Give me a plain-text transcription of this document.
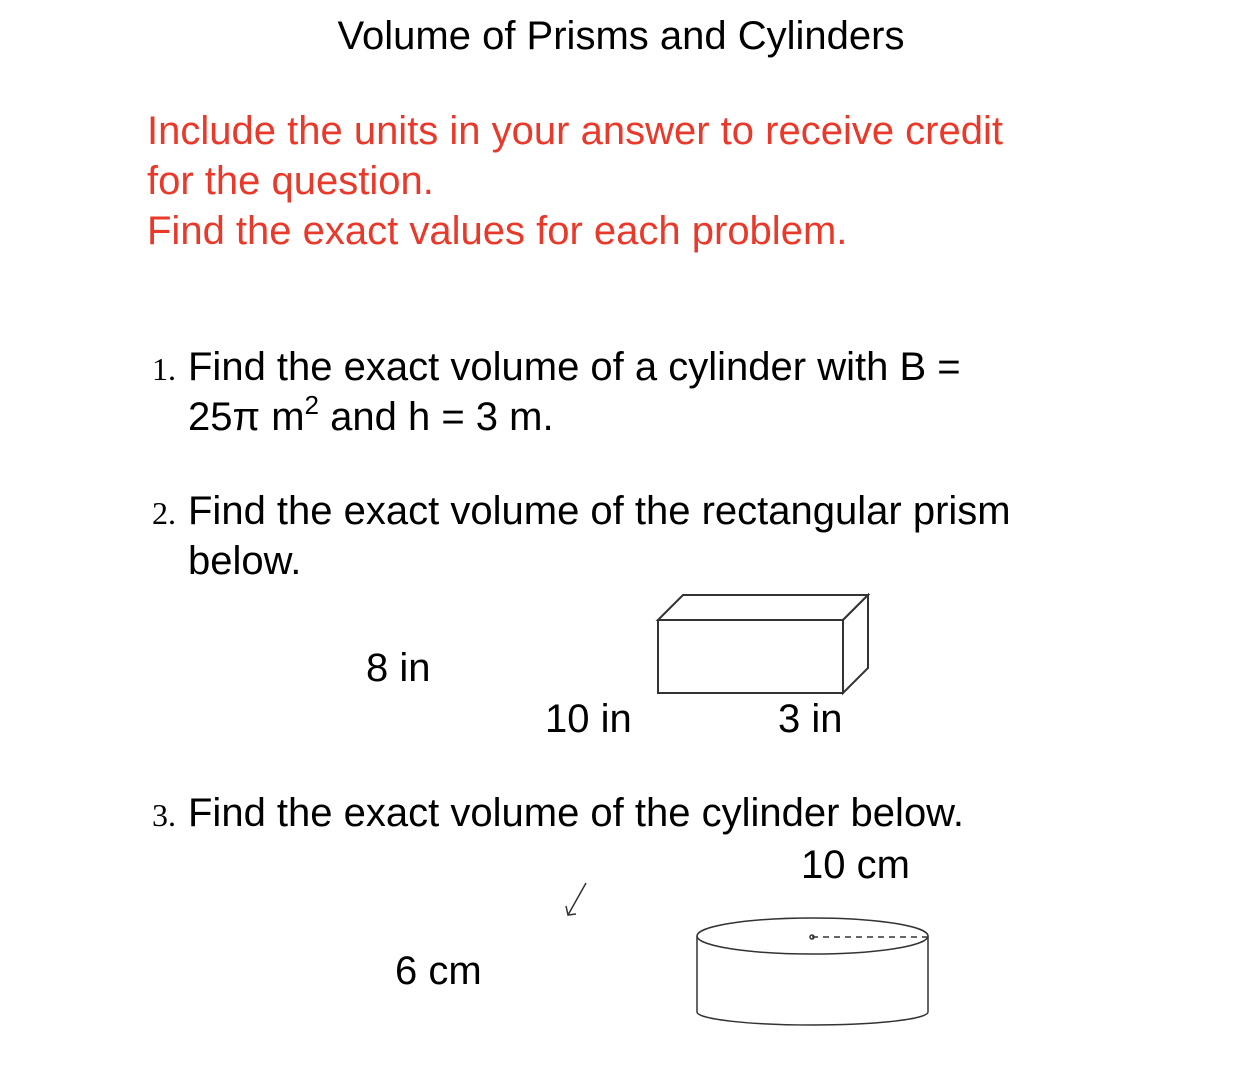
Volume of Prisms and Cylinders
Include the units in your answer to receive credit
for the question.
Find the exact values for each problem.
1. Find the exact volume of a cylinder with B =
25π $m^2$ and h = 3 m.
2. Find the exact volume of the rectangular prism
below.
8 in
10 in	3 in
3. Find the exact volume of the cylinder below.
10 cm
6 cm
